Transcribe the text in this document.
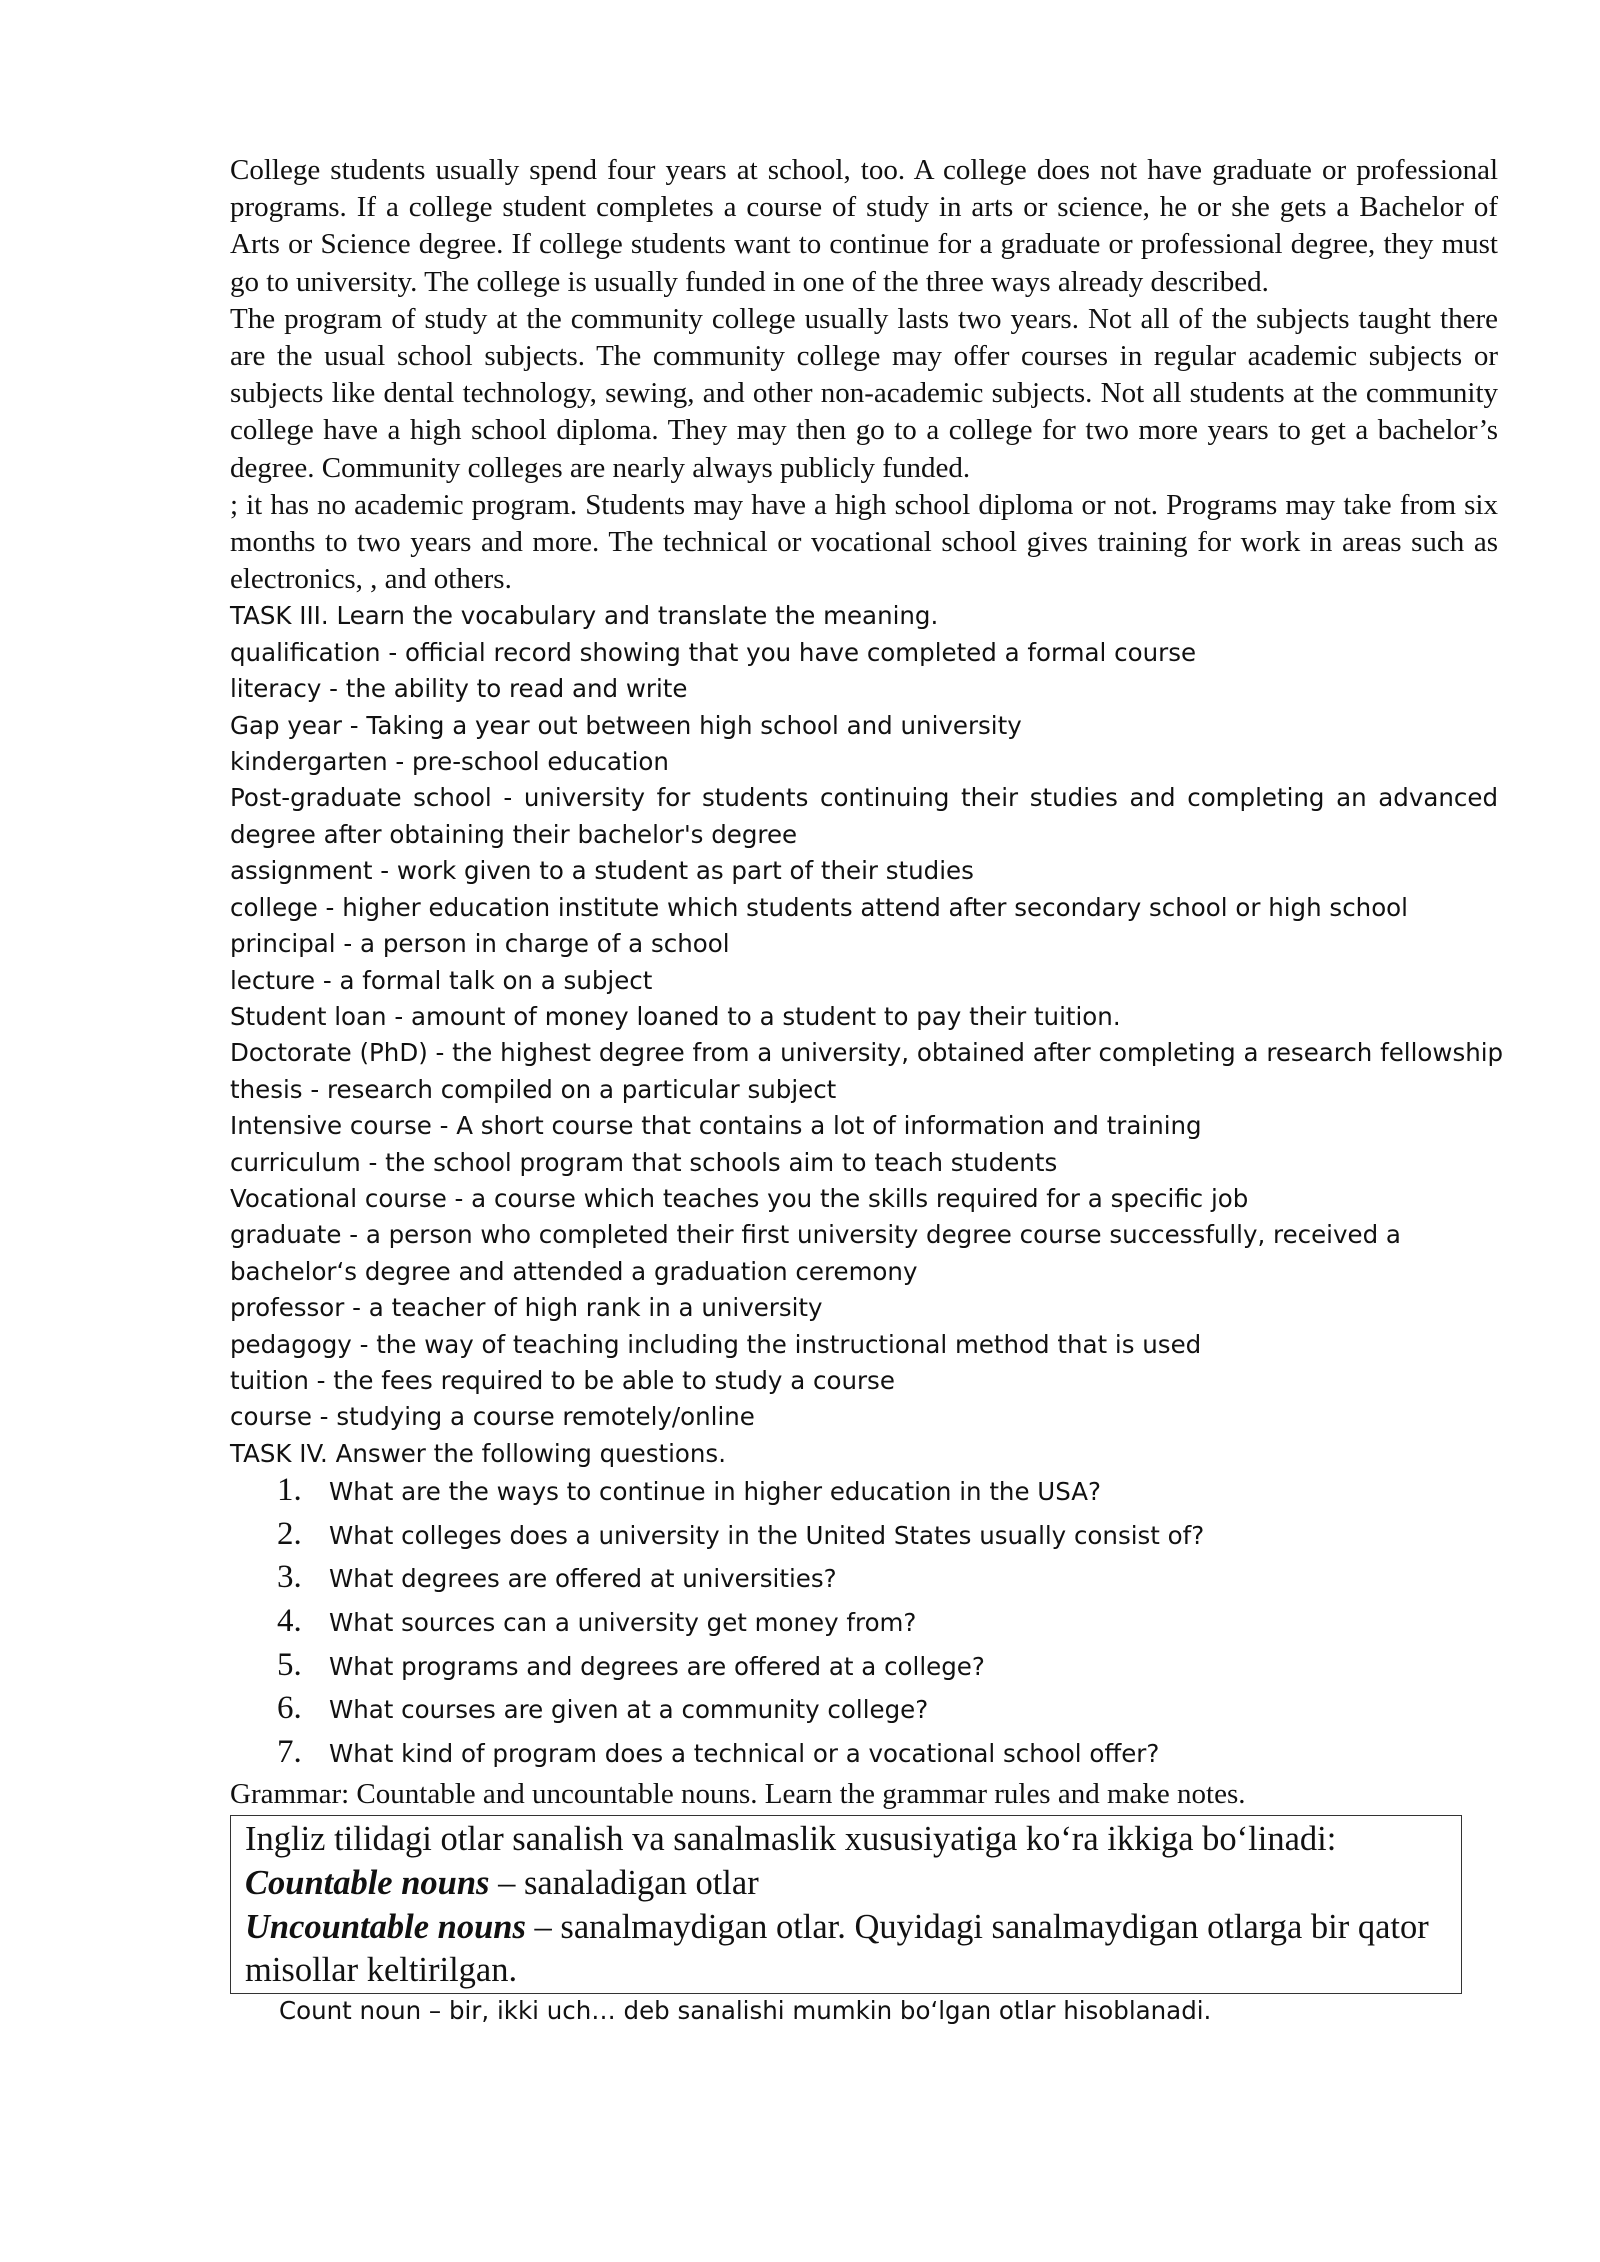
College students usually spend four years at school, too. A college does not have graduate or professional programs. If a college student completes a course of study in arts or science, he or she gets a Bachelor of Arts or Science degree. If college students want to continue for a graduate or professional degree, they must go to university. The college is usually funded in one of the three ways already described.

The program of study at the community college usually lasts two years. Not all of the subjects taught there are the usual school subjects. The community college may offer courses in regular academic subjects or subjects like dental technology, sewing, and other non-academic subjects. Not all students at the community college have a high school diploma. They may then go to a college for two more years to get a bachelor’s degree. Community colleges are nearly always publicly funded.

; it has no academic program. Students may have a high school diploma or not. Programs may take from six months to two years and more. The technical or vocational school gives training for work in areas such as electronics, , and others.

TASK III. Learn the vocabulary and translate the meaning.

qualification - official record showing that you have completed a formal course

literacy - the ability to read and write

Gap year - Taking a year out between high school and university

kindergarten - pre-school education

Post-graduate school - university for students continuing their studies and completing an advanced degree after obtaining their bachelor's degree

assignment - work given to a student as part of their studies

college - higher education institute which students attend after secondary school or high school

principal - a person in charge of a school

lecture - a formal talk on a subject

Student loan - amount of money loaned to a student to pay their tuition.

Doctorate (PhD) - the highest degree from a university, obtained after completing a research fellowship

thesis - research compiled on a particular subject

Intensive course - A short course that contains a lot of information and training

curriculum - the school program that schools aim to teach students

Vocational course - a course which teaches you the skills required for a specific job

graduate - a person who completed their first university degree course successfully, received a bachelor‘s degree and attended a graduation ceremony

professor - a teacher of high rank in a university

pedagogy - the way of teaching including the instructional method that is used

tuition - the fees required to be able to study a course

course - studying a course remotely/online

TASK IV. Answer the following questions.

1.	What are the ways to continue in higher education in the USA?
2.	What colleges does a university in the United States usually consist of?
3.	What degrees are offered at universities?
4.	What sources can a university get money from?
5.	What programs and degrees are offered at a college?
6.	What courses are given at a community college?
7.	What kind of program does a technical or a vocational school offer?

Grammar: Countable and uncountable nouns. Learn the grammar rules and make notes.

Ingliz tilidagi otlar sanalish va sanalmaslik xususiyatiga ko‘ra ikkiga bo‘linadi:

Countable nouns – sanaladigan otlar

Uncountable nouns – sanalmaydigan otlar. Quyidagi sanalmaydigan otlarga bir qator misollar keltirilgan.

Count noun – bir, ikki uch… deb sanalishi mumkin bo‘lgan otlar hisoblanadi.
